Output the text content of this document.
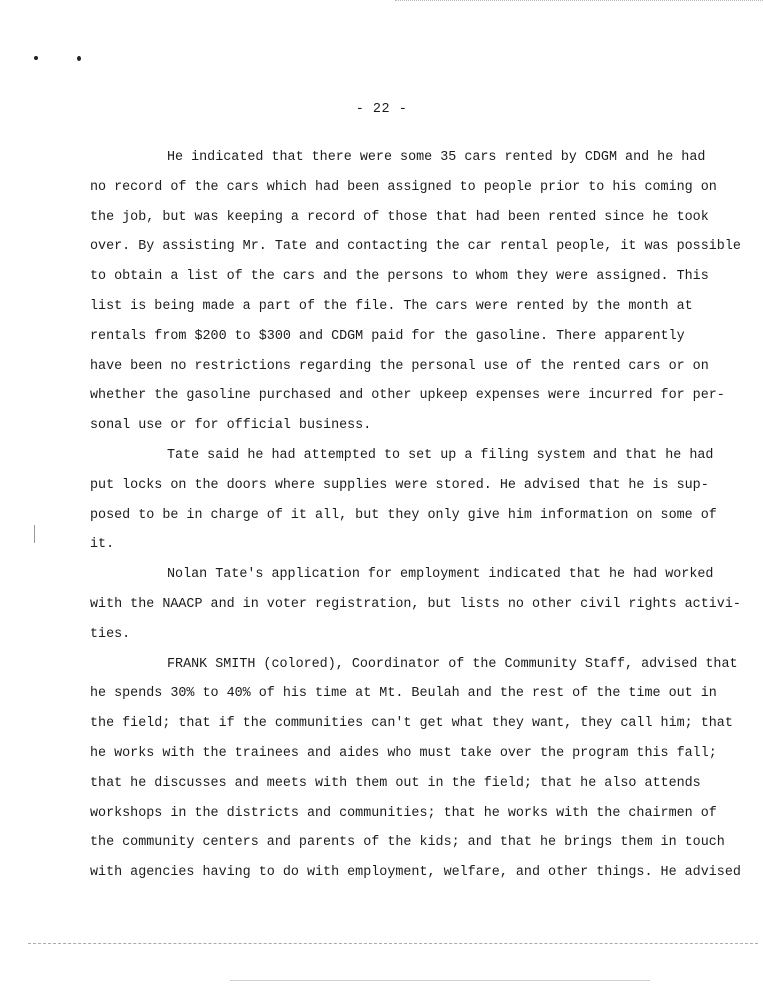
- 22 -
He indicated that there were some 35 cars rented by CDGM and he had
no record of the cars which had been assigned to people prior to his coming on
the job, but was keeping a record of those that had been rented since he took
over. By assisting Mr. Tate and contacting the car rental people, it was possible
to obtain a list of the cars and the persons to whom they were assigned. This
list is being made a part of the file. The cars were rented by the month at
rentals from $200 to $300 and CDGM paid for the gasoline. There apparently
have been no restrictions regarding the personal use of the rented cars or on
whether the gasoline purchased and other upkeep expenses were incurred for per-
sonal use or for official business.
Tate said he had attempted to set up a filing system and that he had
put locks on the doors where supplies were stored. He advised that he is sup-
posed to be in charge of it all, but they only give him information on some of
it.
Nolan Tate's application for employment indicated that he had worked
with the NAACP and in voter registration, but lists no other civil rights activi-
ties.
FRANK SMITH (colored), Coordinator of the Community Staff, advised that
he spends 30% to 40% of his time at Mt. Beulah and the rest of the time out in
the field; that if the communities can't get what they want, they call him; that
he works with the trainees and aides who must take over the program this fall;
that he discusses and meets with them out in the field; that he also attends
workshops in the districts and communities; that he works with the chairmen of
the community centers and parents of the kids; and that he brings them in touch
with agencies having to do with employment, welfare, and other things. He advised
